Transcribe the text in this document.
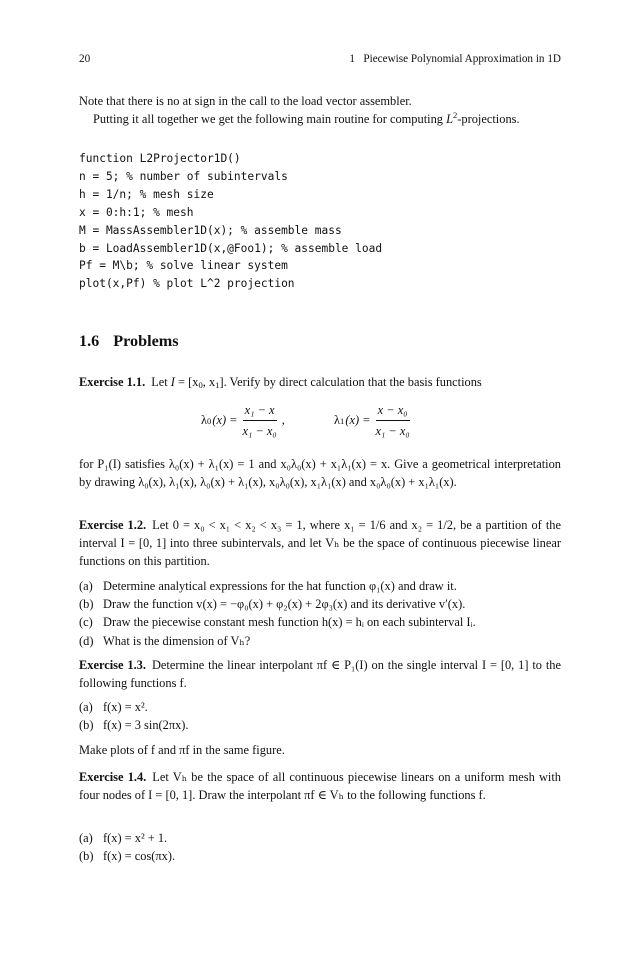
20	1   Piecewise Polynomial Approximation in 1D

Note that there is no at sign in the call to the load vector assembler.

Putting it all together we get the following main routine for computing $L^2$-projections.

function L2Projector1D()
n = 5; % number of subintervals
h = 1/n; % mesh size
x = 0:h:1; % mesh
M = MassAssembler1D(x); % assemble mass
b = LoadAssembler1D(x,@Foo1); % assemble load
Pf = M\b; % solve linear system
plot(x,Pf) % plot L^2 projection
1.6 Problems

Exercise 1.1. Let $I = [x_0$, $x_1$]. Verify by direct calculation that the basis functions

λ 0 $(x) = \frac{\text{x₁ − x}}{\text{x₁ − x₀}}$ ,	λ 1 $(x) = \frac{\text{x − x₀}}{\text{x₁ − x₀}}$

for P₁(I) satisfies λ₀(x) + λ₁(x) = 1 and x₀λ₀(x) + x₁λ₁(x) = x. Give a geometrical interpretation by drawing λ₀(x), λ₁(x), λ₀(x) + λ₁(x), x₀λ₀(x), x₁λ₁(x) and x₀λ₀(x) + x₁λ₁(x).

Exercise 1.2. Let 0 = x₀ < x₁ < x₂ < x₃ = 1, where x₁ = 1/6 and x₂ = 1/2, be a partition of the interval I = [0, 1] into three subintervals, and let Vₕ be the space of continuous piecewise linear functions on this partition.

(a) Determine analytical expressions for the hat function φ₁(x) and draw it.
(b) Draw the function v(x) = −φ₀(x) + φ₂(x) + 2φ₃(x) and its derivative v′(x).
(c) Draw the piecewise constant mesh function h(x) = hᵢ on each subinterval Iᵢ.
(d) What is the dimension of Vₕ?

Exercise 1.3. Determine the linear interpolant πf ∈ P₁(I) on the single interval I = [0, 1] to the following functions f.

(a) f(x) = x².
(b) f(x) = 3 sin(2πx).

Make plots of f and πf in the same figure.

Exercise 1.4. Let Vₕ be the space of all continuous piecewise linears on a uniform mesh with four nodes of I = [0, 1]. Draw the interpolant πf ∈ Vₕ to the following functions f.

(a) f(x) = x² + 1.
(b) f(x) = cos(πx).
